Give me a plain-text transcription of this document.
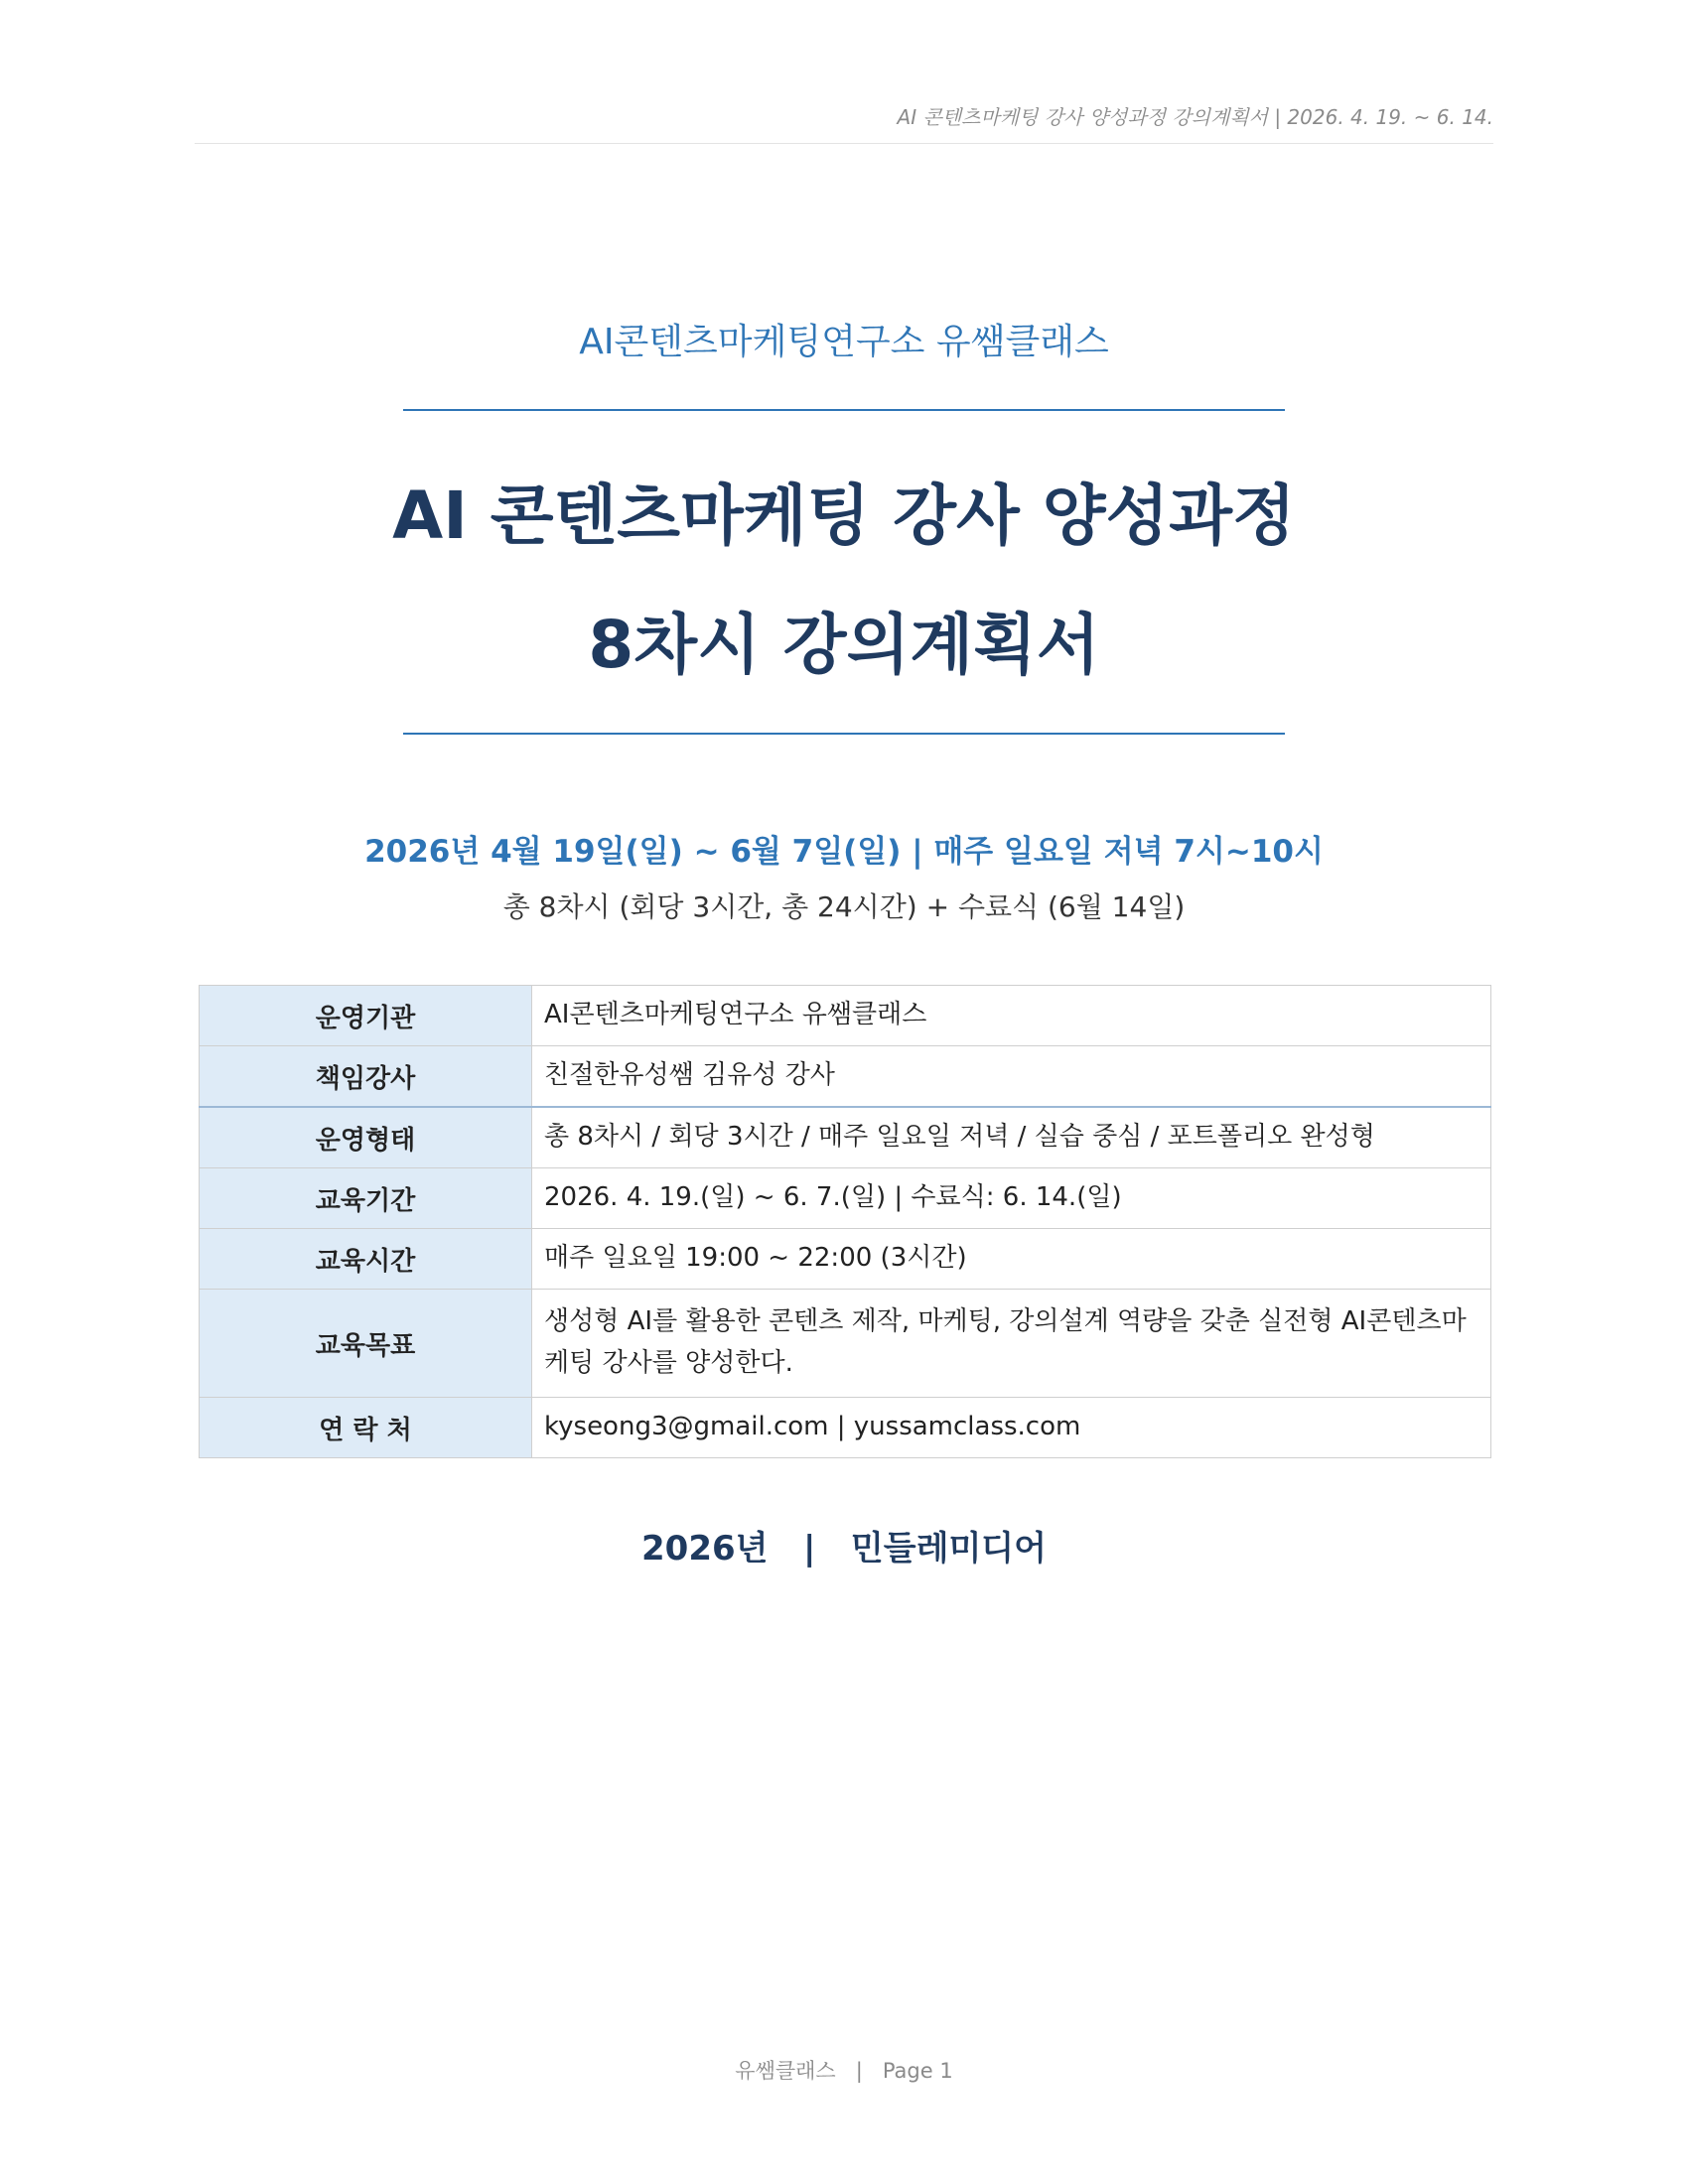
AI 콘텐츠마케팅 강사 양성과정 강의계획서 | 2026. 4. 19. ~ 6. 14.
AI콘텐츠마케팅연구소 유쌤클래스
AI 콘텐츠마케팅 강사 양성과정
8차시 강의계획서
2026년 4월 19일(일) ~ 6월 7일(일) | 매주 일요일 저녁 7시~10시
총 8차시 (회당 3시간, 총 24시간) + 수료식 (6월 14일)
운영기관	AI콘텐츠마케팅연구소 유쌤클래스
책임강사	친절한유성쌤 김유성 강사
운영형태	총 8차시 / 회당 3시간 / 매주 일요일 저녁 / 실습 중심 / 포트폴리오 완성형
교육기간	2026. 4. 19.(일) ~ 6. 7.(일) | 수료식: 6. 14.(일)
교육시간	매주 일요일 19:00 ~ 22:00 (3시간)
교육목표	생성형 AI를 활용한 콘텐츠 제작, 마케팅, 강의설계 역량을 갖춘 실전형 AI콘텐츠마케팅 강사를 양성한다.
연 락 처	kyseong3@gmail.com | yussamclass.com
2026년   |   민들레미디어
유쌤클래스   |   Page 1
